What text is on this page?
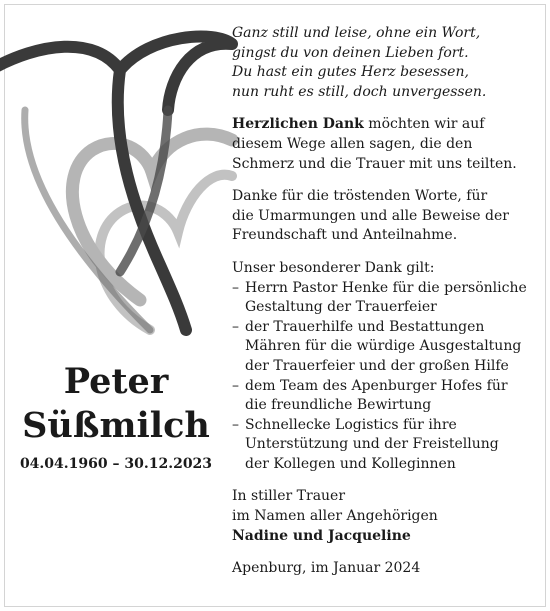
Peter
Süßmilch
04.04.1960 – 30.12.2023

Ganz still und leise, ohne ein Wort,

gingst du von deinen Lieben fort.

Du hast ein gutes Herz besessen,

nun ruht es still, doch unvergessen.

Herzlichen Dank möchten wir auf

diesem Wege allen sagen, die den

Schmerz und die Trauer mit uns teilten.

Danke für die tröstenden Worte, für

die Umarmungen und alle Beweise der

Freundschaft und Anteilnahme.

Unser besonderer Dank gilt:

– Herrn Pastor Henke für die persönliche

Gestaltung der Trauerfeier

– der Trauerhilfe und Bestattungen

Mähren für die würdige Ausgestaltung

der Trauerfeier und der großen Hilfe

– dem Team des Apenburger Hofes für

die freundliche Bewirtung

– Schnellecke Logistics für ihre

Unterstützung und der Freistellung

der Kollegen und Kolleginnen

In stiller Trauer

im Namen aller Angehörigen

Nadine und Jacqueline

Apenburg, im Januar 2024
